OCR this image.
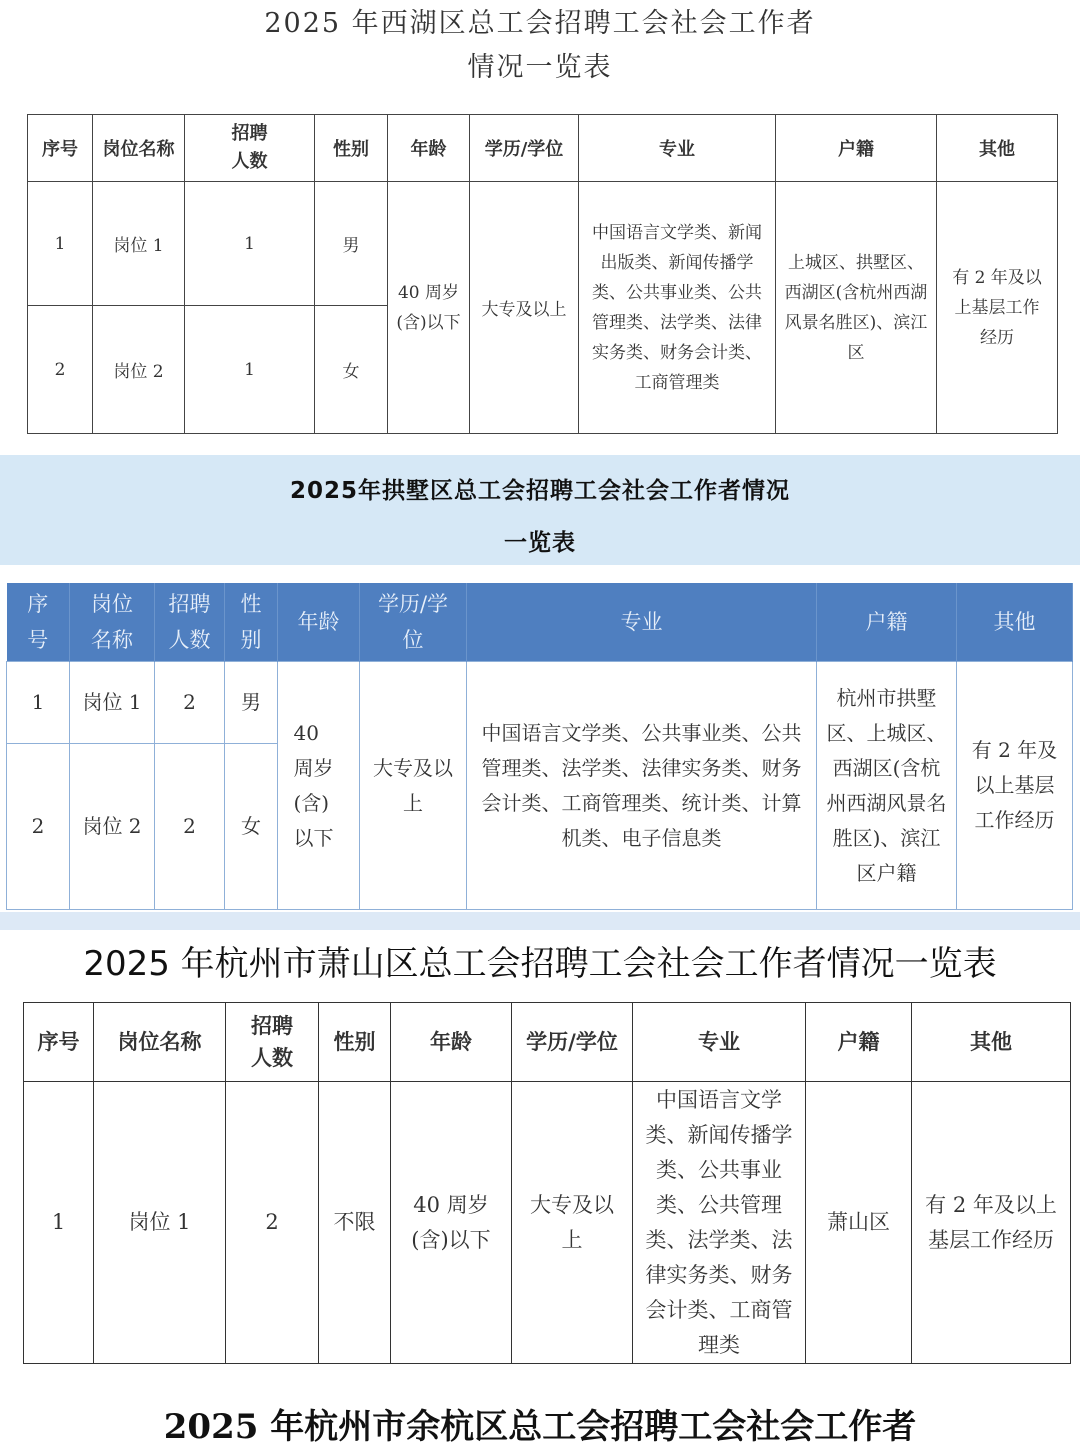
2025 年西湖区总工会招聘工会社会工作者
情况一览表
序号	岗位名称	招聘人数	性别	年龄	学历/学位	专业	户籍	其他
1	岗位 1	1	男	40 周岁(含)以下	大专及以上	中国语言文学类、新闻出版类、新闻传播学类、公共事业类、公共管理类、法学类、法律实务类、财务会计类、工商管理类	上城区、拱墅区、西湖区(含杭州西湖风景名胜区)、滨江区	有 2 年及以上基层工作经历

2	岗位 2	1	女					
2025年拱墅区总工会招聘工会社会工作者情况
一览表
序号	岗位名称	招聘人数	性别	年龄	学历/学位	专业	户籍	其他
1	岗位 1	2	男	40 周岁(含)以下	大专及以上	中国语言文学类、公共事业类、公共管理类、法学类、法律实务类、财务会计类、工商管理类、统计类、计算机类、电子信息类	杭州市拱墅区、上城区、西湖区(含杭州西湖风景名胜区)、滨江区户籍	有 2 年及以上基层工作经历

2	岗位 2	2	女					
2025 年杭州市萧山区总工会招聘工会社会工作者情况一览表
序号	岗位名称	招聘人数	性别	年龄	学历/学位	专业	户籍	其他
1	岗位 1	2	不限	40 周岁(含)以下	大专及以上	中国语言文学类、新闻传播学类、公共事业类、公共管理类、法学类、法律实务类、财务会计类、工商管理类	萧山区	有 2 年及以上基层工作经历
2025 年杭州市余杭区总工会招聘工会社会工作者
